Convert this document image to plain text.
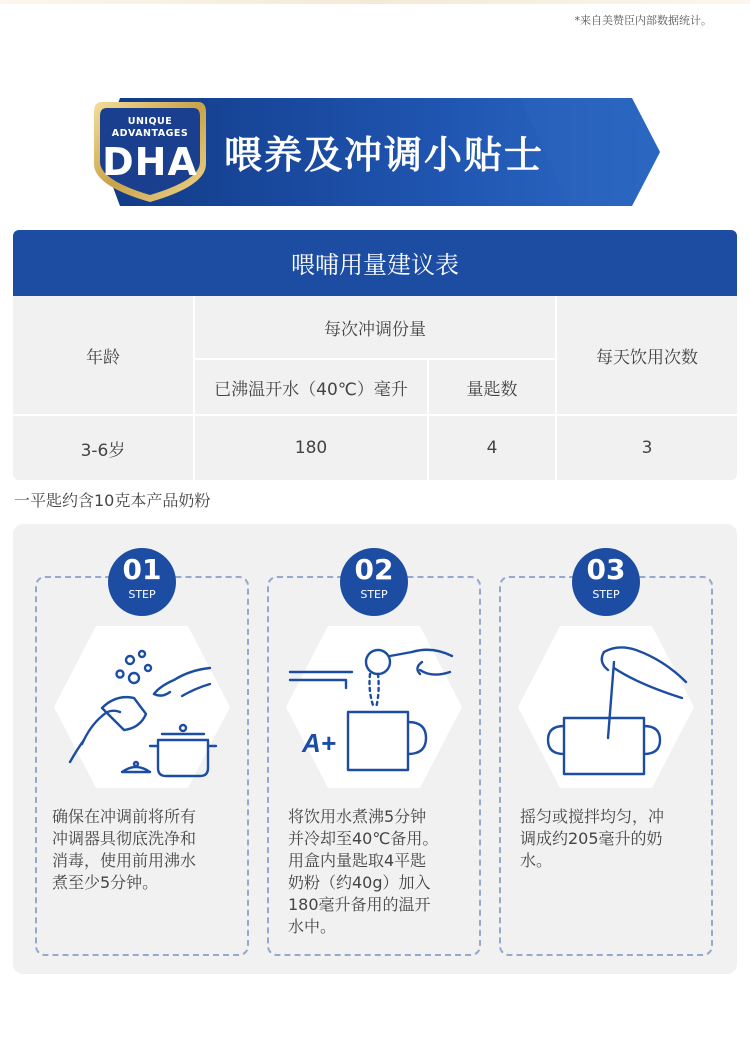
*来自美赞臣内部数据统计。
喂养及冲调小贴士
UNIQUE
ADVANTAGES
DHA
喂哺用量建议表
年龄
每次冲调份量
已沸温开水（40℃）毫升	量匙数
每天饮用次数
3-6岁	180	4	3
一平匙约含10克本产品奶粉
01
STEP
02
STEP
03
STEP
A+
确保在冲调前将所有
冲调器具彻底洗净和
消毒，使用前用沸水
煮至少5分钟。
将饮用水煮沸5分钟
并冷却至40℃备用。
用盒内量匙取4平匙
奶粉（约40g）加入
180毫升备用的温开
水中。
摇匀或搅拌均匀，冲
调成约205毫升的奶
水。
